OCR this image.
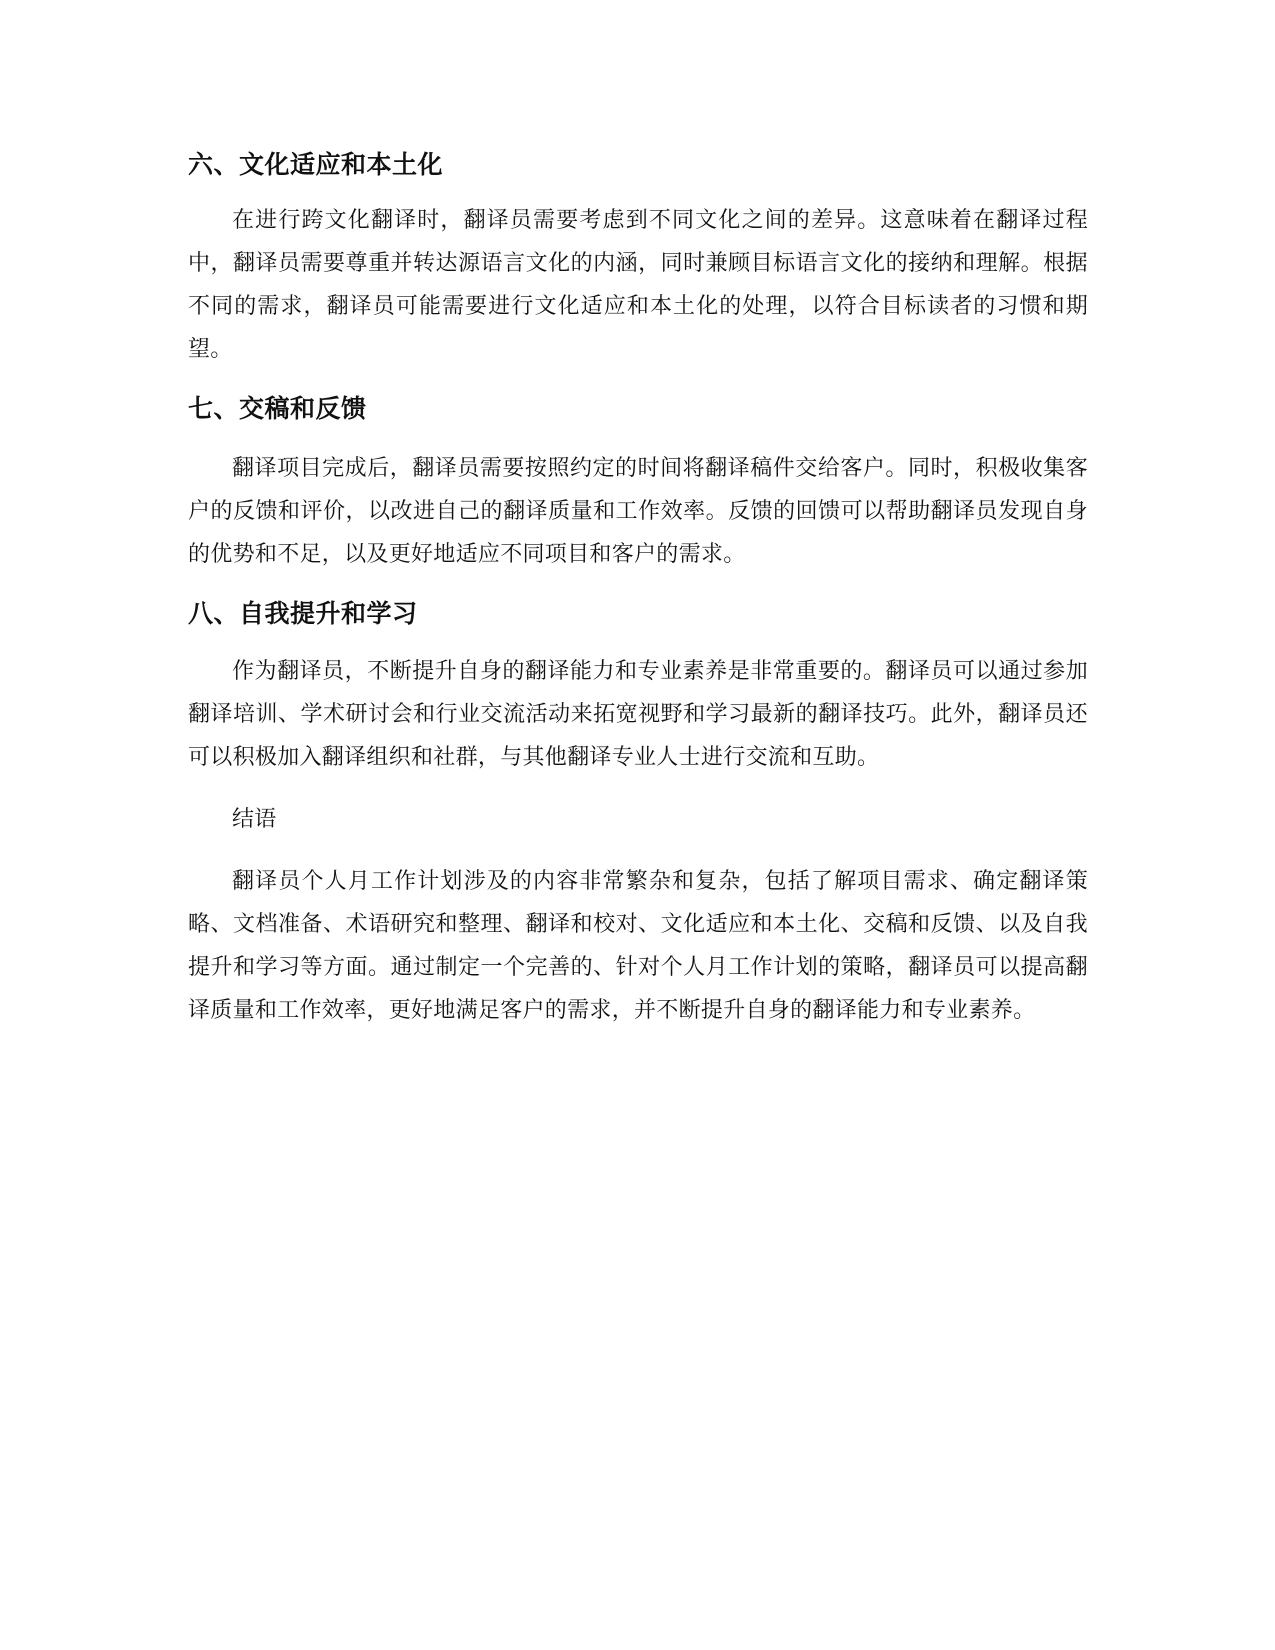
六、文化适应和本土化

在进行跨文化翻译时，翻译员需要考虑到不同文化之间的差异。这意味着在翻译过程中，翻译员需要尊重并转达源语言文化的内涵，同时兼顾目标语言文化的接纳和理解。根据不同的需求，翻译员可能需要进行文化适应和本土化的处理，以符合目标读者的习惯和期望。

七、交稿和反馈

翻译项目完成后，翻译员需要按照约定的时间将翻译稿件交给客户。同时，积极收集客户的反馈和评价，以改进自己的翻译质量和工作效率。反馈的回馈可以帮助翻译员发现自身的优势和不足，以及更好地适应不同项目和客户的需求。

八、自我提升和学习

作为翻译员，不断提升自身的翻译能力和专业素养是非常重要的。翻译员可以通过参加翻译培训、学术研讨会和行业交流活动来拓宽视野和学习最新的翻译技巧。此外，翻译员还可以积极加入翻译组织和社群，与其他翻译专业人士进行交流和互助。

结语

翻译员个人月工作计划涉及的内容非常繁杂和复杂，包括了解项目需求、确定翻译策略、文档准备、术语研究和整理、翻译和校对、文化适应和本土化、交稿和反馈、以及自我提升和学习等方面。通过制定一个完善的、针对个人月工作计划的策略，翻译员可以提高翻译质量和工作效率，更好地满足客户的需求，并不断提升自身的翻译能力和专业素养。
